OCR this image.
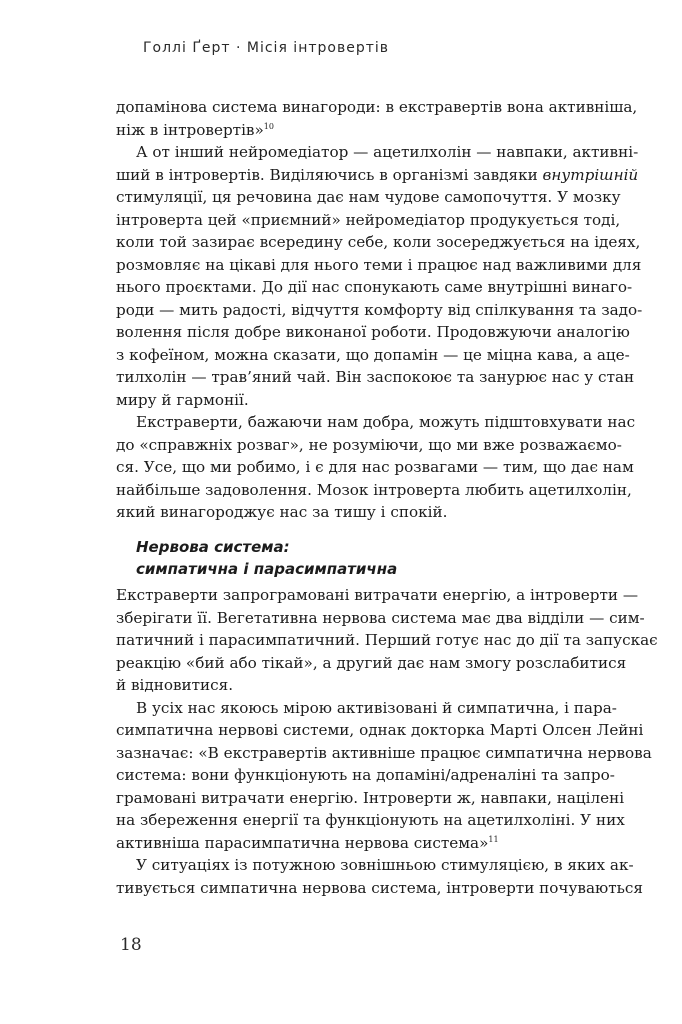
Голлі Ґерт · Місія інтровертів
допамінова система винагороди: в екстравертів вона активніша,
ніж в інтровертів»$^{10}$
А от інший нейромедіатор — ацетилхолін — навпаки, активні-
ший в інтровертів. Виділяючись в організмі завдяки внутрішній
стимуляції, ця речовина дає нам чудове самопочуття. У мозку
інтроверта цей «приємний» нейромедіатор продукується тоді,
коли той зазирає всередину себе, коли зосереджується на ідеях,
розмовляє на цікаві для нього теми і працює над важливими для
нього проєктами. До дії нас спонукають саме внутрішні винаго-
роди — мить радості, відчуття комфорту від спілкування та задо-
волення після добре виконаної роботи. Продовжуючи аналогію
з кофеїном, можна сказати, що допамін — це міцна кава, а аце-
тилхолін — трав’яний чай. Він заспокоює та занурює нас у стан
миру й гармонії.
Екстраверти, бажаючи нам добра, можуть підштовхувати нас
до «справжніх розваг», не розуміючи, що ми вже розважаємо-
ся. Усе, що ми робимо, і є для нас розвагами — тим, що дає нам
найбільше задоволення. Мозок інтроверта любить ацетилхолін,
який винагороджує нас за тишу і спокій.
Нервова система:
симпатична і парасимпатична
Екстраверти запрограмовані витрачати енергію, а інтроверти —
зберігати її. Вегетативна нервова система має два відділи — сим-
патичний і парасимпатичний. Перший готує нас до дії та запускає
реакцію «бий або тікай», а другий дає нам змогу розслабитися
й відновитися.
В усіх нас якоюсь мірою активізовані й симпатична, і пара-
симпатична нервові системи, однак докторка Марті Олсен Лейні
зазначає: «В екстравертів активніше працює симпатична нервова
система: вони функціонують на допаміні/адреналіні та запро-
грамовані витрачати енергію. Інтроверти ж, навпаки, націлені
на збереження енергії та функціонують на ацетилхоліні. У них
активніша парасимпатична нервова система»$^{11}$
У ситуаціях із потужною зовнішньою стимуляцією, в яких ак-
тивується симпатична нервова система, інтроверти почуваються
18
